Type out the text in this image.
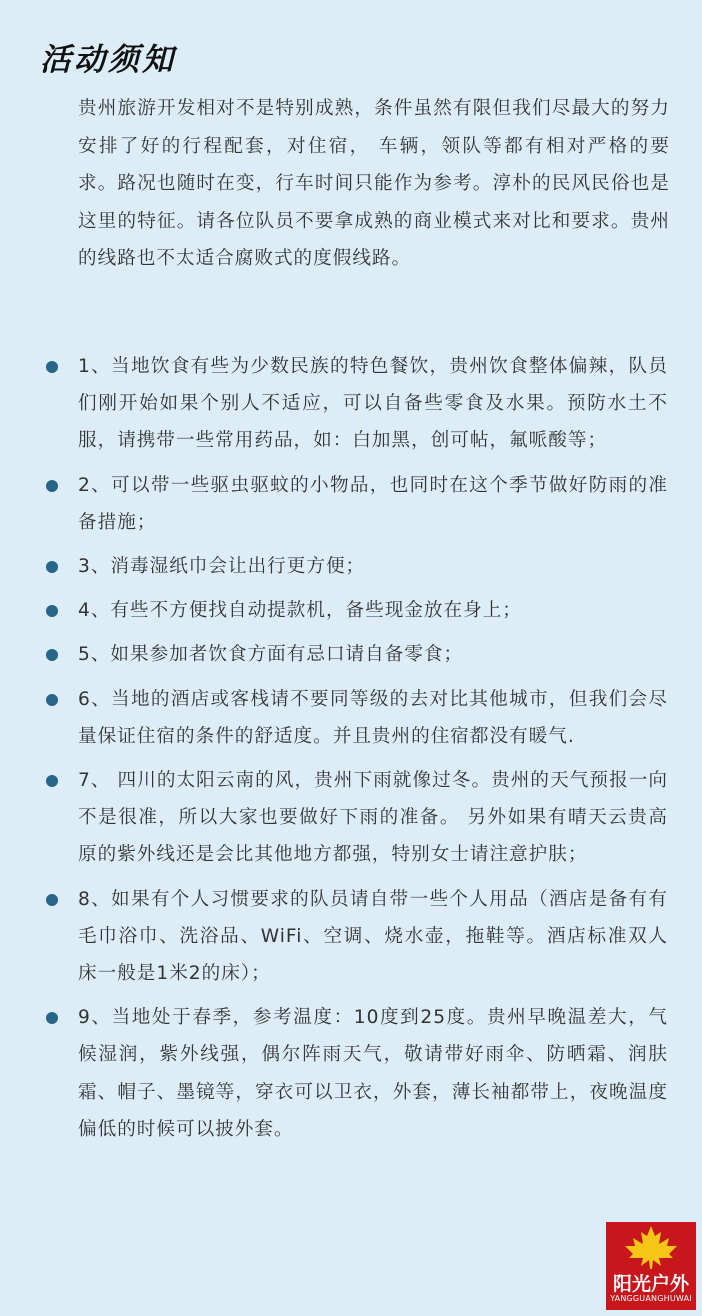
活动须知
贵州旅游开发相对不是特别成熟，条件虽然有限但我们尽最大的努力安排了好的行程配套，对住宿， 车辆，领队等都有相对严格的要求。路况也随时在变，行车时间只能作为参考。淳朴的民风民俗也是这里的特征。请各位队员不要拿成熟的商业模式来对比和要求。贵州的线路也不太适合腐败式的度假线路。
1、当地饮食有些为少数民族的特色餐饮，贵州饮食整体偏辣，队员们刚开始如果个别人不适应，可以自备些零食及水果。预防水土不服，请携带一些常用药品，如：白加黑，创可帖，氟哌酸等；
2、可以带一些驱虫驱蚊的小物品，也同时在这个季节做好防雨的准备措施；
3、消毒湿纸巾会让出行更方便；
4、有些不方便找自动提款机，备些现金放在身上；
5、如果参加者饮食方面有忌口请自备零食；
6、当地的酒店或客栈请不要同等级的去对比其他城市，但我们会尽量保证住宿的条件的舒适度。并且贵州的住宿都没有暖气.
7、 四川的太阳云南的风，贵州下雨就像过冬。贵州的天气预报一向不是很准，所以大家也要做好下雨的准备。 另外如果有晴天云贵高原的紫外线还是会比其他地方都强，特别女士请注意护肤；
8、如果有个人习惯要求的队员请自带一些个人用品（酒店是备有有毛巾浴巾、洗浴品、WiFi、空调、烧水壶，拖鞋等。酒店标准双人床一般是1米2的床）；
9、当地处于春季，参考温度：10度到25度。贵州早晚温差大，气候湿润，紫外线强，偶尔阵雨天气，敬请带好雨伞、防晒霜、润肤霜、帽子、墨镜等，穿衣可以卫衣，外套，薄长袖都带上，夜晚温度偏低的时候可以披外套。
阳光户外
YANGGUANGHUWAI
